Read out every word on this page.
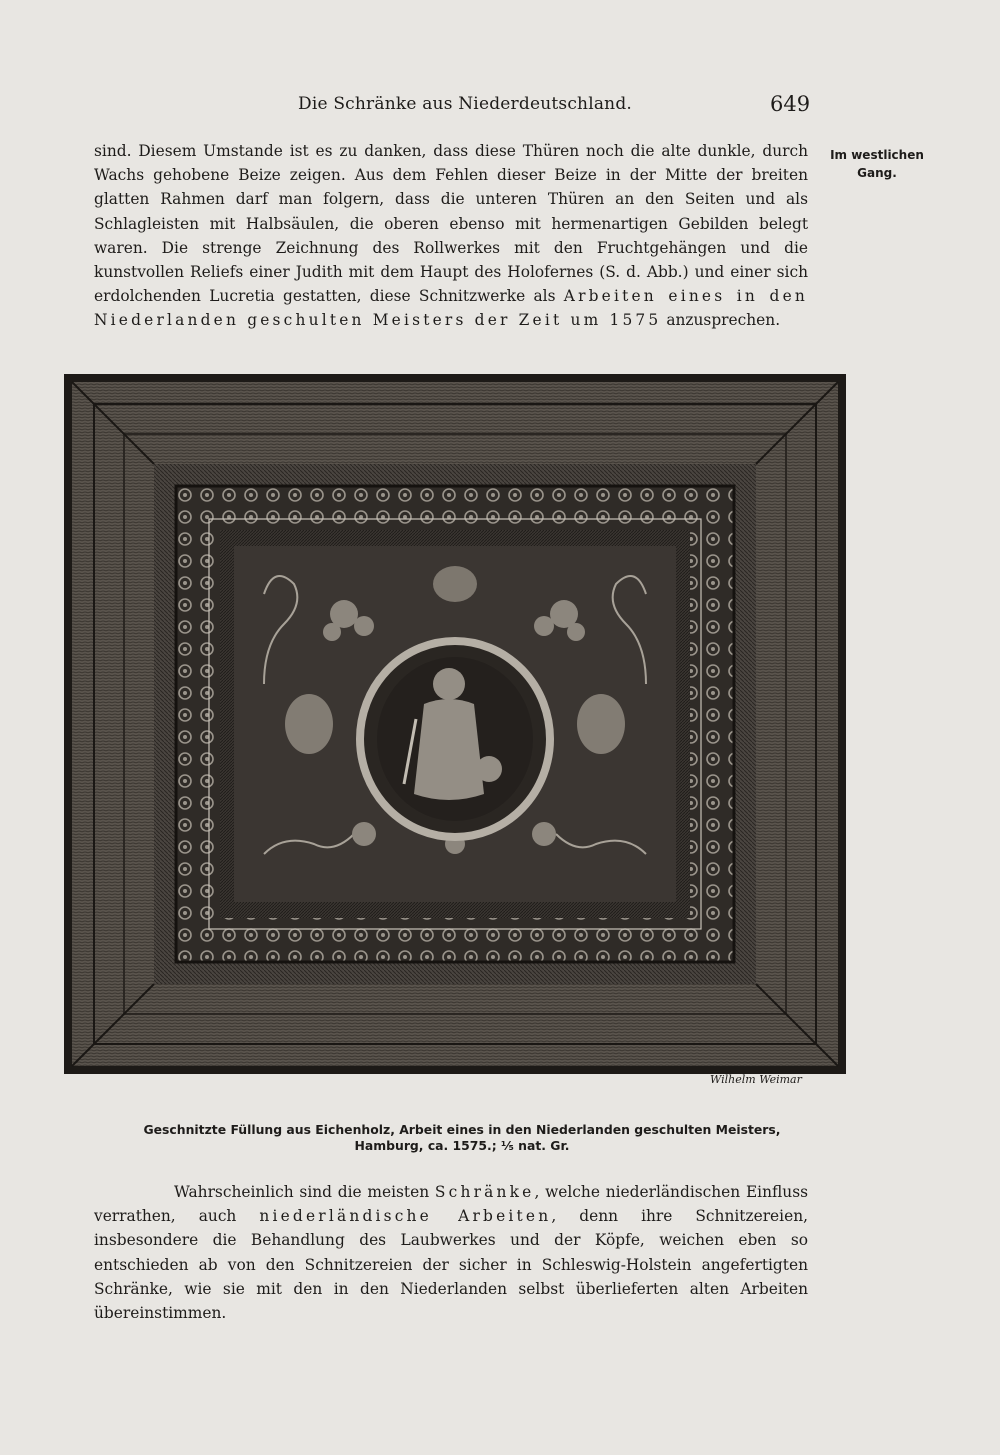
Die Schränke aus Niederdeutschland.	649
Im westlichen
Gang.
sind. Diesem Umstande ist es zu danken, dass diese Thüren noch die alte dunkle, durch Wachs gehobene Beize zeigen. Aus dem Fehlen dieser Beize in der Mitte der breiten glatten Rahmen darf man folgern, dass die unteren Thüren an den Seiten und als Schlagleisten mit Halbsäulen, die oberen ebenso mit hermenartigen Gebilden belegt waren. Die strenge Zeichnung des Rollwerkes mit den Fruchtgehängen und die kunstvollen Reliefs einer Judith mit dem Haupt des Holofernes (S. d. Abb.) und einer sich erdolchenden Lucretia gestatten, diese Schnitzwerke als Arbeiten eines in den Niederlanden geschulten Meisters der Zeit um 1575 anzusprechen.
Wilhelm Weimar
Geschnitzte Füllung aus Eichenholz, Arbeit eines in den Niederlanden geschulten Meisters,
Hamburg, ca. 1575.; ⅕ nat. Gr.
Wahrscheinlich sind die meisten Schränke, welche niederländischen Einfluss verrathen, auch niederländische Arbeiten, denn ihre Schnitzereien, insbesondere die Behandlung des Laubwerkes und der Köpfe, weichen eben so entschieden ab von den Schnitzereien der sicher in Schleswig-Holstein angefertigten Schränke, wie sie mit den in den Niederlanden selbst überlieferten alten Arbeiten übereinstimmen.
